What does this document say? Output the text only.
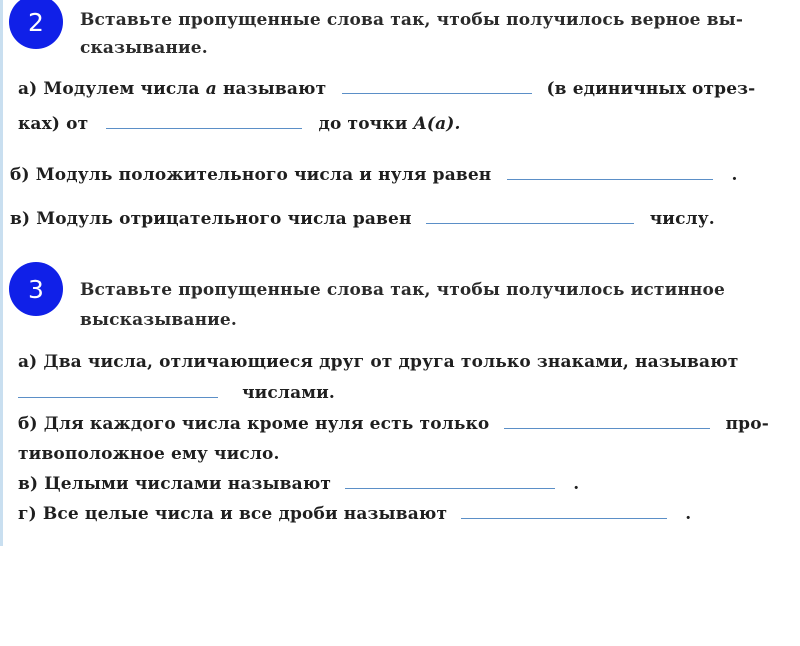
2	Вставьте пропущенные слова так, чтобы получилось верное вы-
сказывание.
а) Модулем числа a называют	(в единичных отрез-
ках) от	до точки A(a).
б) Модуль положительного числа и нуля равен	.
в) Модуль отрицательного числа равен	числу.
3	Вставьте пропущенные слова так, чтобы получилось истинное
высказывание.
а) Два числа, отличающиеся друг от друга только знаками, называют
числами.
б) Для каждого числа кроме нуля есть только	про-
тивоположное ему число.
в) Целыми числами называют	.
г) Все целые числа и все дроби называют	.
